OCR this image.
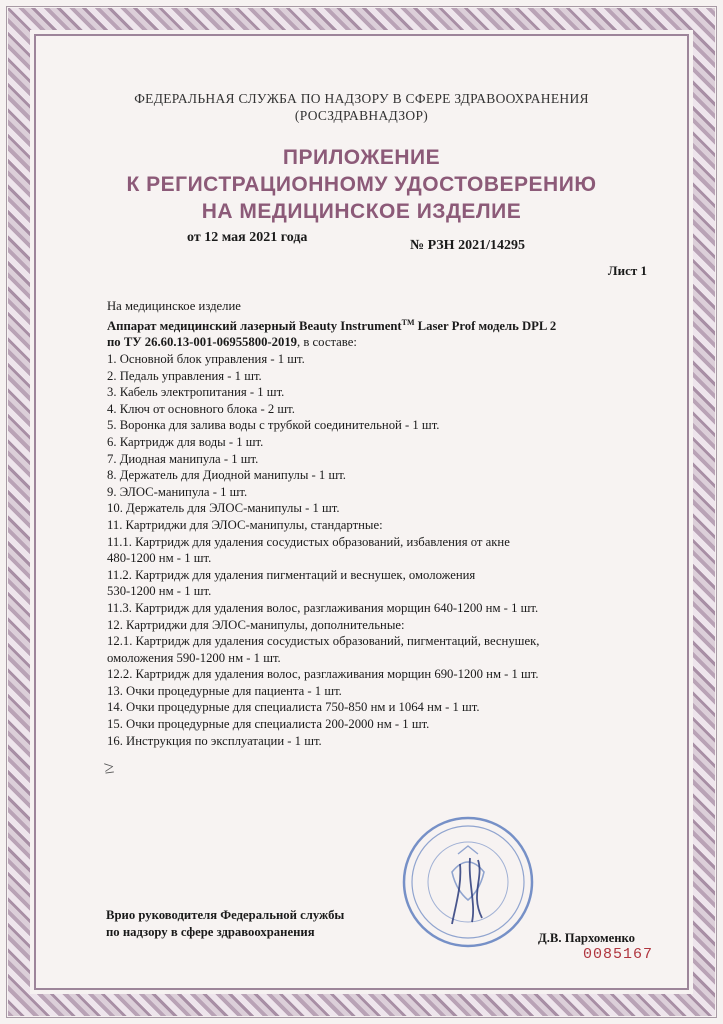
ФЕДЕРАЛЬНАЯ СЛУЖБА ПО НАДЗОРУ В СФЕРЕ ЗДРАВООХРАНЕНИЯ
(РОСЗДРАВНАДЗОР)
ПРИЛОЖЕНИЕ
К РЕГИСТРАЦИОННОМУ УДОСТОВЕРЕНИЮ
НА МЕДИЦИНСКОЕ ИЗДЕЛИЕ
от 12 мая 2021 года
№ РЗН 2021/14295
Лист 1

На медицинское изделие

Аппарат медицинский лазерный Beauty Instrument™ Laser Prof модель DPL 2

по ТУ 26.60.13-001-06955800-2019, в составе:

1. Основной блок управления - 1 шт.

2. Педаль управления - 1 шт.

3. Кабель электропитания - 1 шт.

4. Ключ от основного блока - 2 шт.

5. Воронка для залива воды с трубкой соединительной - 1 шт.

6. Картридж для воды - 1 шт.

7. Диодная манипула - 1 шт.

8. Держатель для Диодной манипулы - 1 шт.

9. ЭЛОС-манипула - 1 шт.

10. Держатель для ЭЛОС-манипулы - 1 шт.

11. Картриджи для ЭЛОС-манипулы, стандартные:

11.1. Картридж для удаления сосудистых образований, избавления от акне

480-1200 нм - 1 шт.

11.2. Картридж для удаления пигментаций и веснушек, омоложения

530-1200 нм - 1 шт.

11.3. Картридж для удаления волос, разглаживания морщин 640-1200 нм - 1 шт.

12. Картриджи для ЭЛОС-манипулы, дополнительные:

12.1. Картридж для удаления сосудистых образований, пигментаций, веснушек,

омоложения 590-1200 нм - 1 шт.

12.2. Картридж для удаления волос, разглаживания морщин 690-1200 нм - 1 шт.

13. Очки процедурные для пациента - 1 шт.

14. Очки процедурные для специалиста 750-850 нм и 1064 нм - 1 шт.

15. Очки процедурные для специалиста 200-2000 нм - 1 шт.

16. Инструкция по эксплуатации - 1 шт.

≥
Врио руководителя Федеральной службы
по надзору в сфере здравоохранения	Д.В. Пархоменко
0085167
